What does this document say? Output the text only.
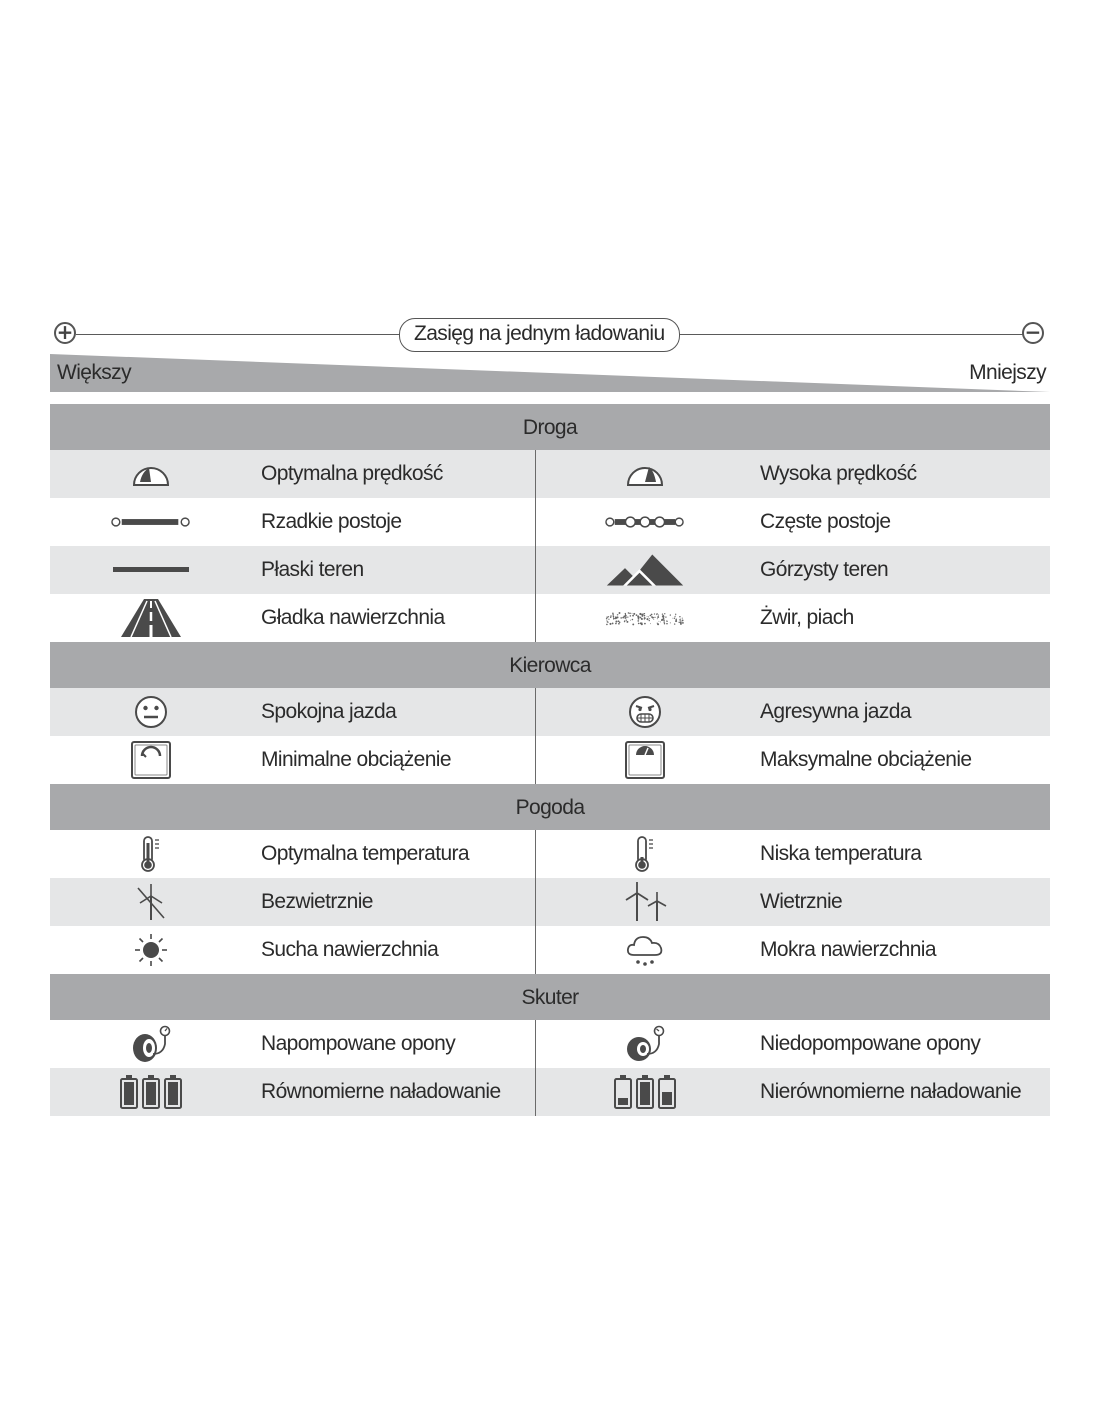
+	−
Zasięg na jednym ładowaniu
Większy	Mniejszy
Droga
Optymalna prędkość	Wysoka prędkość
Rzadkie postoje	Częste postoje
Płaski teren	Górzysty teren
Gładka nawierzchnia	Żwir, piach
Kierowca
Spokojna jazda	Agresywna jazda
Minimalne obciążenie	Maksymalne obciążenie
Pogoda
Optymalna temperatura	Niska temperatura
Bezwietrznie	Wietrznie
Sucha nawierzchnia	Mokra nawierzchnia
Skuter
Napompowane opony	Niedopompowane opony
Równomierne naładowanie	Nierównomierne naładowanie
